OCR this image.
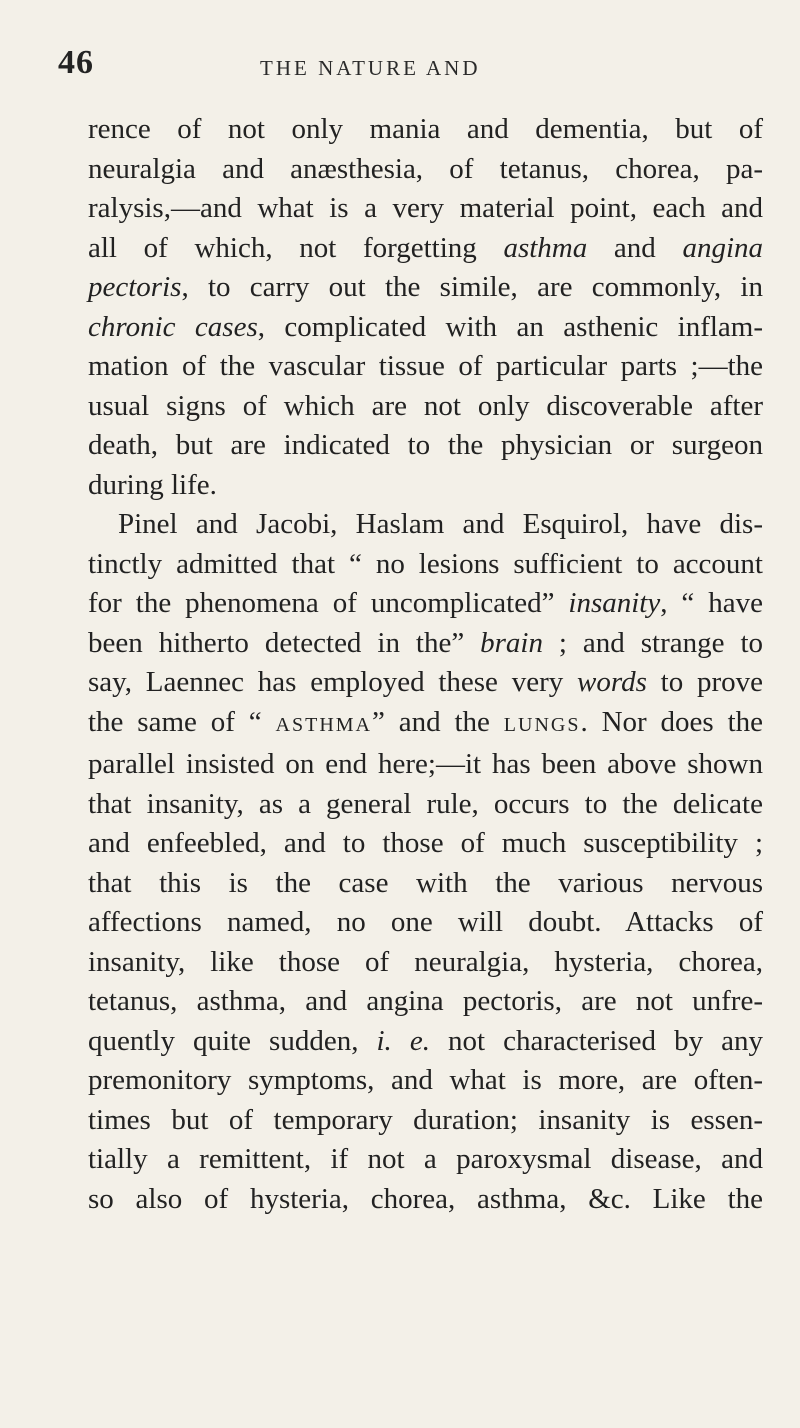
46	THE NATURE AND
rence of not only mania and dementia, but of
neuralgia and anæsthesia, of tetanus, chorea, pa-
ralysis,—and what is a very material point, each and
all of which, not forgetting asthma and angina
pectoris, to carry out the simile, are commonly, in
chronic cases, complicated with an asthenic inflam-
mation of the vascular tissue of particular parts ;—the
usual signs of which are not only discoverable after
death, but are indicated to the physician or surgeon
during life.
Pinel and Jacobi, Haslam and Esquirol, have dis-
tinctly admitted that “ no lesions sufficient to account
for the phenomena of uncomplicated” insanity, “ have
been hitherto detected in the” brain ; and strange to
say, Laennec has employed these very words to prove
the same of “ ASTHMA” and the LUNGS. Nor does the
parallel insisted on end here;—it has been above shown
that insanity, as a general rule, occurs to the delicate
and enfeebled, and to those of much susceptibility ;
that this is the case with the various nervous
affections named, no one will doubt. Attacks of
insanity, like those of neuralgia, hysteria, chorea,
tetanus, asthma, and angina pectoris, are not unfre-
quently quite sudden, i. e. not characterised by any
premonitory symptoms, and what is more, are often-
times but of temporary duration; insanity is essen-
tially a remittent, if not a paroxysmal disease, and
so also of hysteria, chorea, asthma, &c. Like the
